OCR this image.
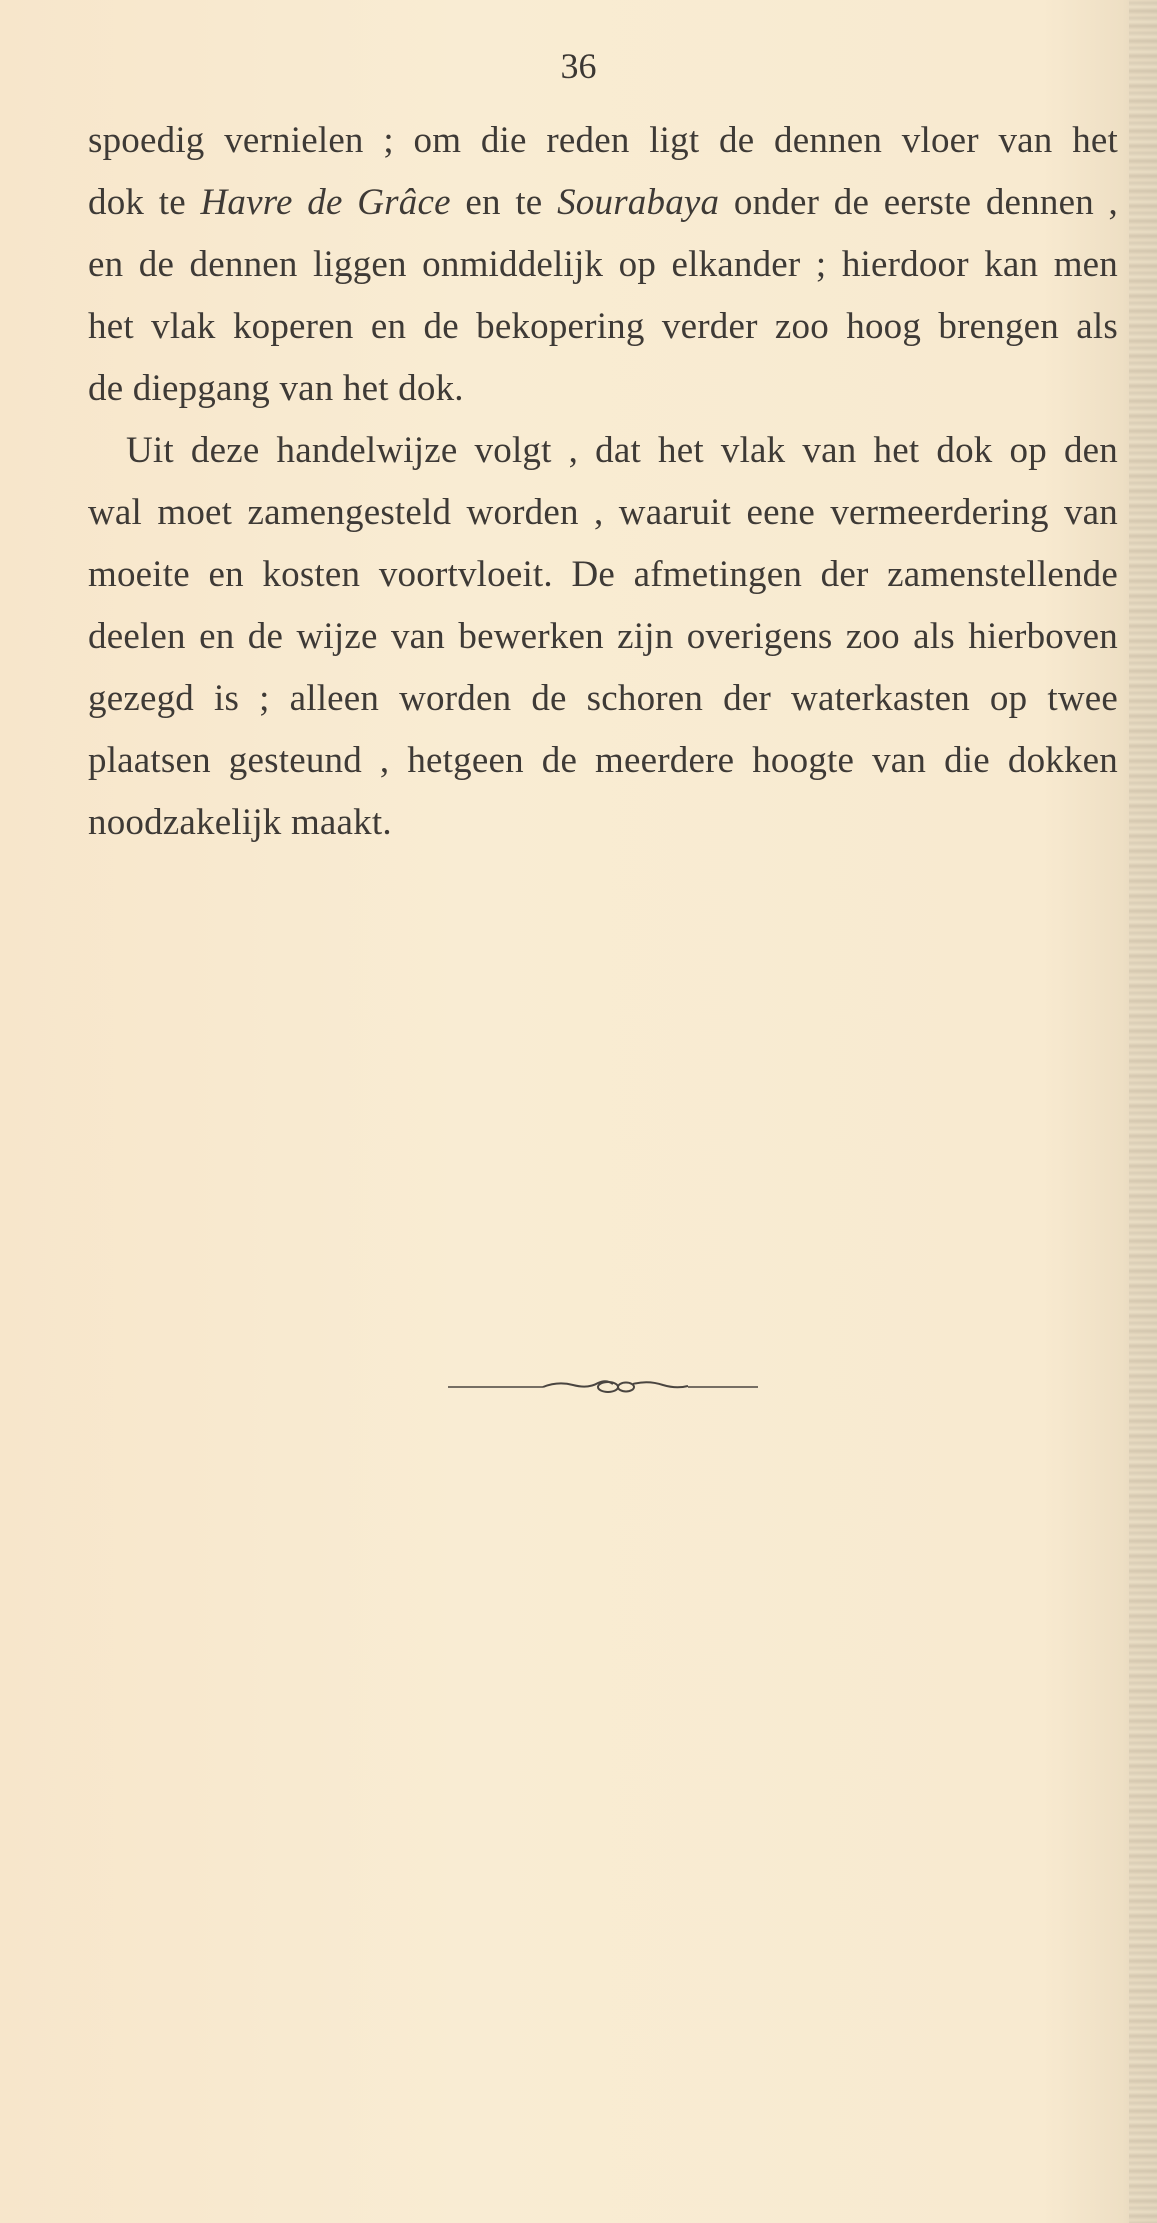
36
spoedig vernielen ; om die reden ligt de dennen vloer van het
dok te Havre de Grâce en te Sourabaya onder de eerste dennen ,
en de dennen liggen onmiddelijk op elkander ; hierdoor kan men
het vlak koperen en de bekopering verder zoo hoog brengen als
de diepgang van het dok.
Uit deze handelwijze volgt , dat het vlak van het dok op den
wal moet zamengesteld worden , waaruit eene vermeerdering van
moeite en kosten voortvloeit. De afmetingen der zamenstellende
deelen en de wijze van bewerken zijn overigens zoo als hierboven
gezegd is ; alleen worden de schoren der waterkasten op twee
plaatsen gesteund , hetgeen de meerdere hoogte van die dokken
noodzakelijk maakt.
